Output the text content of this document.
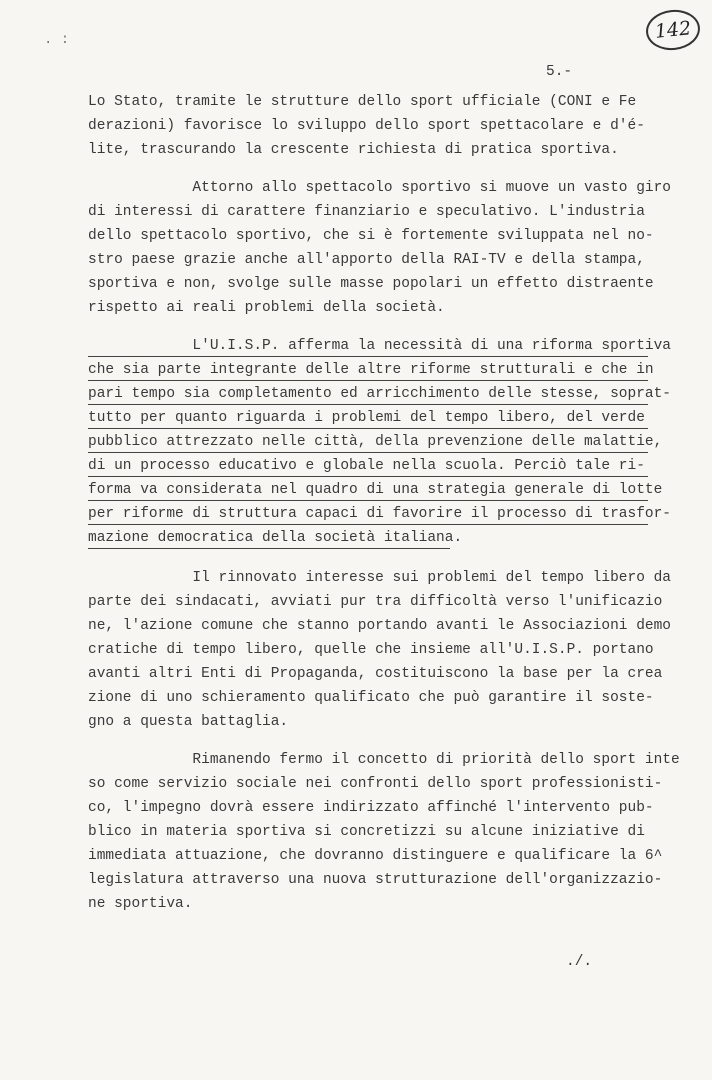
. :	142
5.-
Lo Stato, tramite le strutture dello sport ufficiale (CONI e Fe
derazioni) favorisce lo sviluppo dello sport spettacolare e d'é-
lite, trascurando la crescente richiesta di pratica sportiva.
Attorno allo spettacolo sportivo si muove un vasto giro
di interessi di carattere finanziario e speculativo. L'industria
dello spettacolo sportivo, che si è fortemente sviluppata nel no-
stro paese grazie anche all'apporto della RAI-TV e della stampa,
sportiva e non, svolge sulle masse popolari un effetto distraente
rispetto ai reali problemi della società.
L'U.I.S.P. afferma la necessità di una riforma sportiva
che sia parte integrante delle altre riforme strutturali e che in
pari tempo sia completamento ed arricchimento delle stesse, soprat-
tutto per quanto riguarda i problemi del tempo libero, del verde
pubblico attrezzato nelle città, della prevenzione delle malattie,
di un processo educativo e globale nella scuola. Perciò tale ri-
forma va considerata nel quadro di una strategia generale di lotte
per riforme di struttura capaci di favorire il processo di trasfor-
mazione democratica della società italiana.
Il rinnovato interesse sui problemi del tempo libero da
parte dei sindacati, avviati pur tra difficoltà verso l'unificazio
ne, l'azione comune che stanno portando avanti le Associazioni demo
cratiche di tempo libero, quelle che insieme all'U.I.S.P. portano
avanti altri Enti di Propaganda, costituiscono la base per la crea
zione di uno schieramento qualificato che può garantire il soste-
gno a questa battaglia.
Rimanendo fermo il concetto di priorità dello sport inte
so come servizio sociale nei confronti dello sport professionisti-
co, l'impegno dovrà essere indirizzato affinché l'intervento pub-
blico in materia sportiva si concretizzi su alcune iniziative di
immediata attuazione, che dovranno distinguere e qualificare la 6^
legislatura attraverso una nuova strutturazione dell'organizzazio-
ne sportiva.
./.
